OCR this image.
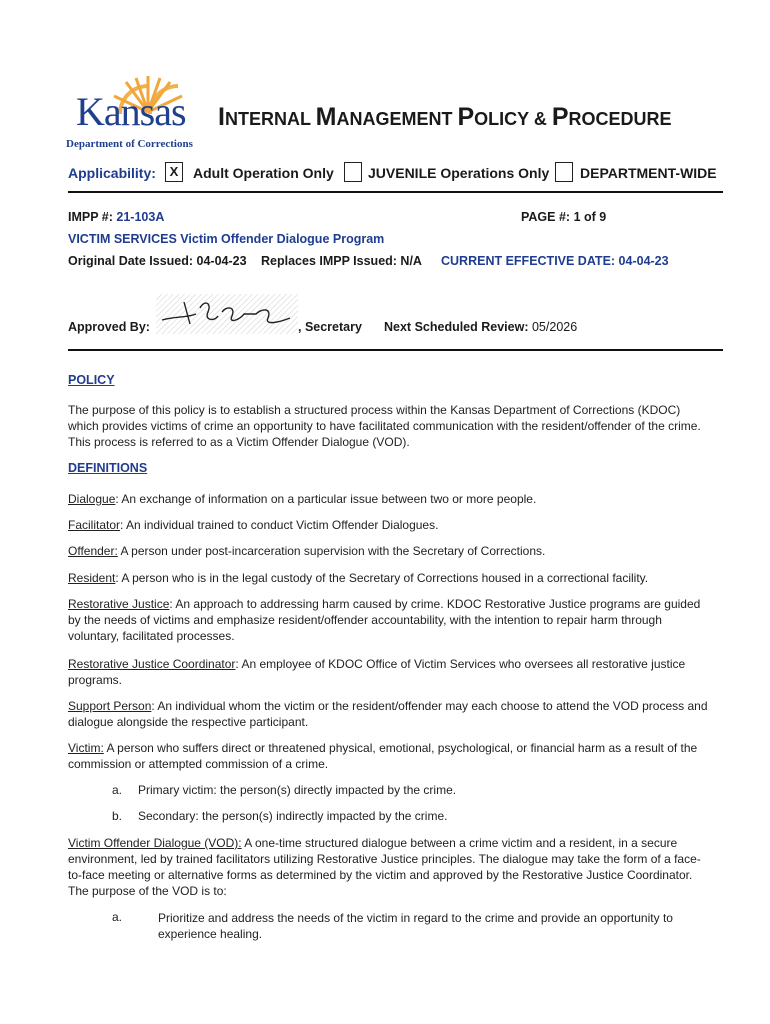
Kansas
Department of Corrections
INTERNAL MANAGEMENT POLICY & PROCEDURE
Applicability:	X	Adult Operation Only JUVENILE Operations Only DEPARTMENT-WIDE
IMPP #: 21-103A	PAGE #: 1 of 9
VICTIM SERVICES Victim Offender Dialogue Program
Original Date Issued: 04-04-23 Replaces IMPP Issued: N/A CURRENT EFFECTIVE DATE: 04-04-23
Approved By:	, Secretary Next Scheduled Review: 05/2026
POLICY
The purpose of this policy is to establish a structured process within the Kansas Department of Corrections (KDOC) which provides victims of crime an opportunity to have facilitated communication with the resident/offender of the crime. This process is referred to as a Victim Offender Dialogue (VOD).
DEFINITIONS
Dialogue: An exchange of information on a particular issue between two or more people.
Facilitator: An individual trained to conduct Victim Offender Dialogues.
Offender: A person under post-incarceration supervision with the Secretary of Corrections.
Resident: A person who is in the legal custody of the Secretary of Corrections housed in a correctional facility.
Restorative Justice: An approach to addressing harm caused by crime. KDOC Restorative Justice programs are guided by the needs of victims and emphasize resident/offender accountability, with the intention to repair harm through voluntary, facilitated processes.
Restorative Justice Coordinator: An employee of KDOC Office of Victim Services who oversees all restorative justice programs.
Support Person: An individual whom the victim or the resident/offender may each choose to attend the VOD process and dialogue alongside the respective participant.
Victim: A person who suffers direct or threatened physical, emotional, psychological, or financial harm as a result of the commission or attempted commission of a crime.
a. Primary victim: the person(s) directly impacted by the crime.
b. Secondary: the person(s) indirectly impacted by the crime.
Victim Offender Dialogue (VOD): A one-time structured dialogue between a crime victim and a resident, in a secure environment, led by trained facilitators utilizing Restorative Justice principles. The dialogue may take the form of a face-to-face meeting or alternative forms as determined by the victim and approved by the Restorative Justice Coordinator. The purpose of the VOD is to:
a.	Prioritize and address the needs of the victim in regard to the crime and provide an opportunity to experience healing.
